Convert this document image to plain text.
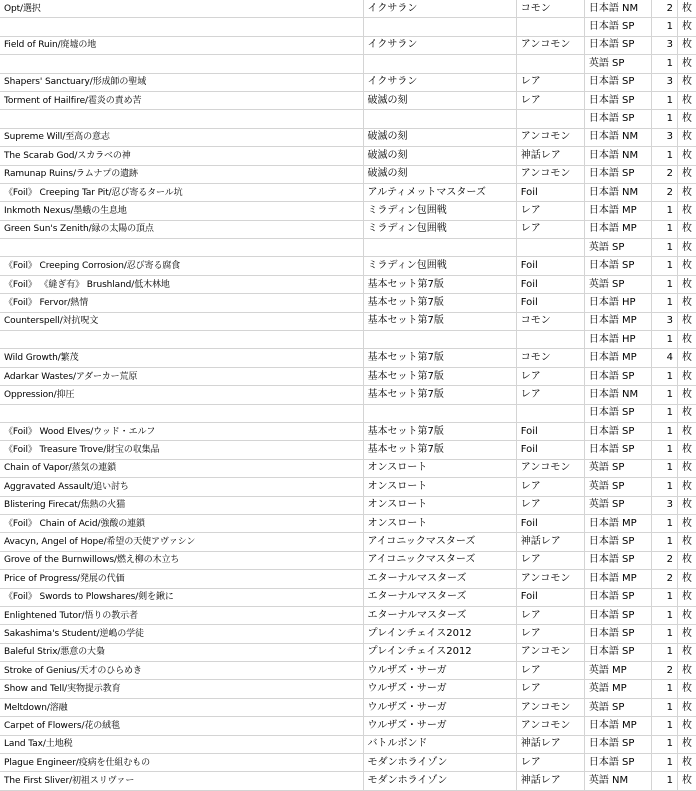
Opt/選択	イクサラン	コモン	日本語 NM	2	枚
			日本語 SP	1	枚
Field of Ruin/廃墟の地	イクサラン	アンコモン	日本語 SP	3	枚
			英語 SP	1	枚
Shapers' Sanctuary/形成師の聖域	イクサラン	レア	日本語 SP	3	枚
Torment of Hailfire/雹炎の責め苦	破滅の刻	レア	日本語 SP	1	枚
			日本語 SP	1	枚
Supreme Will/至高の意志	破滅の刻	アンコモン	日本語 NM	3	枚
The Scarab God/スカラベの神	破滅の刻	神話レア	日本語 NM	1	枚
Ramunap Ruins/ラムナプの遺跡	破滅の刻	アンコモン	日本語 SP	2	枚
《Foil》 Creeping Tar Pit/忍び寄るタール坑	アルティメットマスターズ	Foil	日本語 NM	2	枚
Inkmoth Nexus/墨蛾の生息地	ミラディン包囲戦	レア	日本語 MP	1	枚
Green Sun's Zenith/緑の太陽の頂点	ミラディン包囲戦	レア	日本語 MP	1	枚
			英語 SP	1	枚
《Foil》 Creeping Corrosion/忍び寄る腐食	ミラディン包囲戦	Foil	日本語 SP	1	枚
《Foil》 《縫ぎ有》 Brushland/低木林地	基本セット第7版	Foil	英語 SP	1	枚
《Foil》 Fervor/熱情	基本セット第7版	Foil	日本語 HP	1	枚
Counterspell/対抗呪文	基本セット第7版	コモン	日本語 MP	3	枚
			日本語 HP	1	枚
Wild Growth/繁茂	基本セット第7版	コモン	日本語 MP	4	枚
Adarkar Wastes/アダーカー荒原	基本セット第7版	レア	日本語 SP	1	枚
Oppression/抑圧	基本セット第7版	レア	日本語 NM	1	枚
			日本語 SP	1	枚
《Foil》 Wood Elves/ウッド・エルフ	基本セット第7版	Foil	日本語 SP	1	枚
《Foil》 Treasure Trove/財宝の収集品	基本セット第7版	Foil	日本語 SP	1	枚
Chain of Vapor/蒸気の連鎖	オンスロート	アンコモン	英語 SP	1	枚
Aggravated Assault/追い討ち	オンスロート	レア	英語 SP	1	枚
Blistering Firecat/焦熱の火猫	オンスロート	レア	英語 SP	3	枚
《Foil》 Chain of Acid/強酸の連鎖	オンスロート	Foil	日本語 MP	1	枚
Avacyn, Angel of Hope/希望の天使アヴァシン	アイコニックマスターズ	神話レア	日本語 SP	1	枚
Grove of the Burnwillows/燃え柳の木立ち	アイコニックマスターズ	レア	日本語 SP	2	枚
Price of Progress/発展の代価	エターナルマスターズ	アンコモン	日本語 MP	2	枚
《Foil》 Swords to Plowshares/剣を鍬に	エターナルマスターズ	Foil	日本語 SP	1	枚
Enlightened Tutor/悟りの教示者	エターナルマスターズ	レア	日本語 SP	1	枚
Sakashima's Student/逆嶋の学徒	プレインチェイス2012	レア	日本語 SP	1	枚
Baleful Strix/悪意の大梟	プレインチェイス2012	アンコモン	日本語 SP	1	枚
Stroke of Genius/天才のひらめき	ウルザズ・サーガ	レア	英語 MP	2	枚
Show and Tell/実物提示教育	ウルザズ・サーガ	レア	英語 MP	1	枚
Meltdown/溶融	ウルザズ・サーガ	アンコモン	英語 SP	1	枚
Carpet of Flowers/花の絨毯	ウルザズ・サーガ	アンコモン	日本語 MP	1	枚
Land Tax/土地税	バトルボンド	神話レア	日本語 SP	1	枚
Plague Engineer/疫病を仕組むもの	モダンホライゾン	レア	日本語 SP	1	枚
The First Sliver/初祖スリヴァー	モダンホライゾン	神話レア	英語 NM	1	枚
